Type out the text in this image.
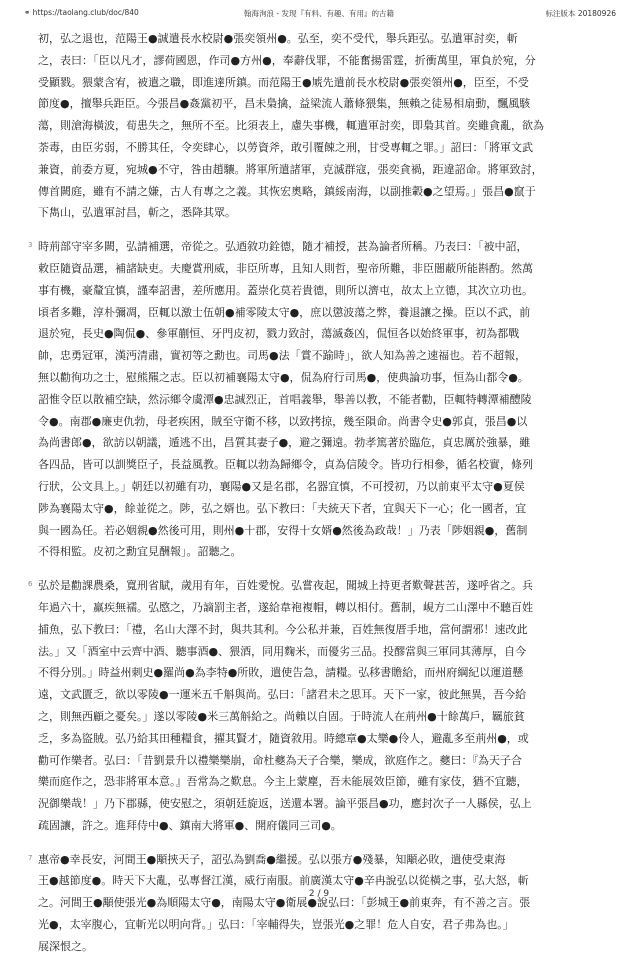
⚭ https://taolang.club/doc/840	翰海洵浪 - 发现『有料、有趣、有用』的古籍	标注版本 20180926
初，弘之退也，范陽王●誠遣長水校尉●張奕領州●。弘至，奕不受代，舉兵距弘。弘遣軍討奕，斬
之，表曰：「臣以凡才，謬荷國恩，作司●方州●，奉辭伐罪，不能奮揚雷霆，折衝萬里，軍負於宛，分
受顯戮。猥蒙含宥，被遣之職，即進達所鎮。而范陽王●虓先遣前長水校尉●張奕領州●，臣至，不受
節度●，擅舉兵距臣。今張昌●姦黨初平，昌未梟擒，益梁流人蕭條猥集，無賴之徒易相扇動，飄風駭
蕩，則滄海橫波，荀患失之，無所不至。比須表上，慮失事機，輒遣軍討奕，即梟其首。奕雖貪亂，欲為
荼毒，由臣劣弱，不勝其任，令奕肆心，以勞資斧，敢引覆餗之刑，甘受專輒之罪。」詔曰：「將軍文武
兼資，前委方夏，宛城●不守，咎由趙驤。將軍所遣諸軍，克滅群寇，張奕貪禍，距違詔命。將軍致討，
傳首闕庭，雖有不請之嫌，古人有專之之義。其恢宏奧略，鎮綏南海，以副推轂●之望焉。」張昌●竄于
下雋山，弘遣軍討昌，斬之，悉降其眾。
3 時荊部守宰多闕，弘請補選，帝從之。弘迺敘功銓德，隨才補授，甚為論者所稱。乃表曰：「被中詔，
敕臣隨資品選，補諸缺吏。夫慶賞刑威，非臣所專，且知人則哲，聖帝所難，非臣闇蔽所能斟酌。然萬
事有機，豪釐宜慎，謹奉詔書，差所應用。蓋崇化莫若貴德，則所以濟屯，故太上立德，其次立功也。
頃者多難，淳朴彌凋，臣輒以激士伍朝●補零陵太守●，庶以懲波蕩之弊，養退讓之操。臣以不武，前
退於宛，長史●陶侃●、參軍蒯恒、牙門皮初，戮力致討，蕩滅姦凶，侃恒各以始終軍事，初為都戰
帥，忠勇冠軍，漢沔清肅，實初等之勳也。司馬●法「賞不踰時」，欲人知為善之速福也。若不超報，
無以勸徇功之士，慰熊羆之志。臣以初補襄陽太守●，侃為府行司馬●，使典論功事，恒為山都令●。
詔惟令臣以散補空缺，然沶鄉令虞潭●忠誠烈正，首唱義舉，舉善以教，不能者勸，臣輒特轉潭補醴陵
令●。南郡●廉吏仇勃，母老疾困，賊至守衛不移，以致拷掠，幾至隕命。尚書令史●郭貞，張昌●以
為尚書郎●，欲訪以朝議，遁逃不出，昌質其妻子●，避之彌遠。勃孝篤著於臨危，貞忠厲於強暴，雖
各四品，皆可以訓獎臣子，長益風教。臣輒以勃為歸鄉令，貞為信陵令。皆功行相參，循名校實，條列
行狀，公文具上。」朝廷以初雖有功，襄陽●又是名郡，名器宜慎，不可授初，乃以前東平太守●夏侯
陟為襄陽太守●，餘並從之。陟，弘之婿也。弘下教曰：「夫統天下者，宜與天下一心；化一國者，宜
與一國為任。若必姻親●然後可用，則州●十郡，安得十女婿●然後為政哉！」乃表「陟姻親●，舊制
不得相監。皮初之勳宜見酬報」。詔聽之。
6 弘於是勸課農桑，寬刑省賦，歲用有年，百姓愛悅。弘嘗夜起，聞城上持更者歎聲甚苦，遂呼省之。兵
年過六十，羸疾無襦。弘愍之，乃謫罰主者，遂給韋袍複帽，轉以相付。舊制，峴方二山澤中不聽百姓
捕魚，弘下教曰：「禮，名山大澤不封，與共其利。今公私并兼，百姓無復厝手地，當何謂邪！速改此
法。」又「酒室中云齊中酒、聽事酒●、猥酒，同用麴米，而優劣三品。投醪當與三軍同其薄厚，自今
不得分別。」時益州刺史●羅尚●為李特●所敗，遣使告急，請糧。弘移書贍給，而州府綱紀以運道懸
遠，文武匱乏，欲以零陵●一運米五千斛與尚。弘曰：「諸君未之思耳。天下一家，彼此無異，吾今給
之，則無西顧之憂矣。」遂以零陵●米三萬斛給之。尚賴以自固。于時流人在荊州●十餘萬戶，羈旅貧
乏，多為盜賊。弘乃給其田種糧食，擢其賢才，隨資敘用。時總章●太樂●伶人，避亂多至荊州●，或
勸可作樂者。弘曰：「昔劉景升以禮樂樂崩，命杜夔為天子合樂，樂成，欲庭作之。夔曰：『為天子合
樂而庭作之，恐非將軍本意。』吾常為之歎息。今主上蒙塵，吾未能展效臣節，雖有家伎，猶不宜聽，
況御樂哉！」乃下郡縣，使安慰之，須朝廷旋返，送還本署。論平張昌●功，應封次子一人縣侯，弘上
疏固讓，許之。進拜侍中●、鎮南大將軍●、開府儀同三司●。
7 惠帝●幸長安，河間王●顒挾天子，詔弘為劉喬●繼援。弘以張方●殘暴，知顒必敗，遣使受東海
王●越節度●。時天下大亂，弘專督江漢，威行南服。前廣漢太守●辛冉說弘以從橫之事，弘大怒，斬
之。河間王●顒使張光●為順陽太守●，南陽太守●衛展●說弘曰：「彭城王●前東奔，有不善之言。張
光●，太宰腹心，宜斬光以明向背。」弘曰：「宰輔得失，豈張光●之罪！危人自安，君子弗為也。」
展深恨之。
2 / 9
